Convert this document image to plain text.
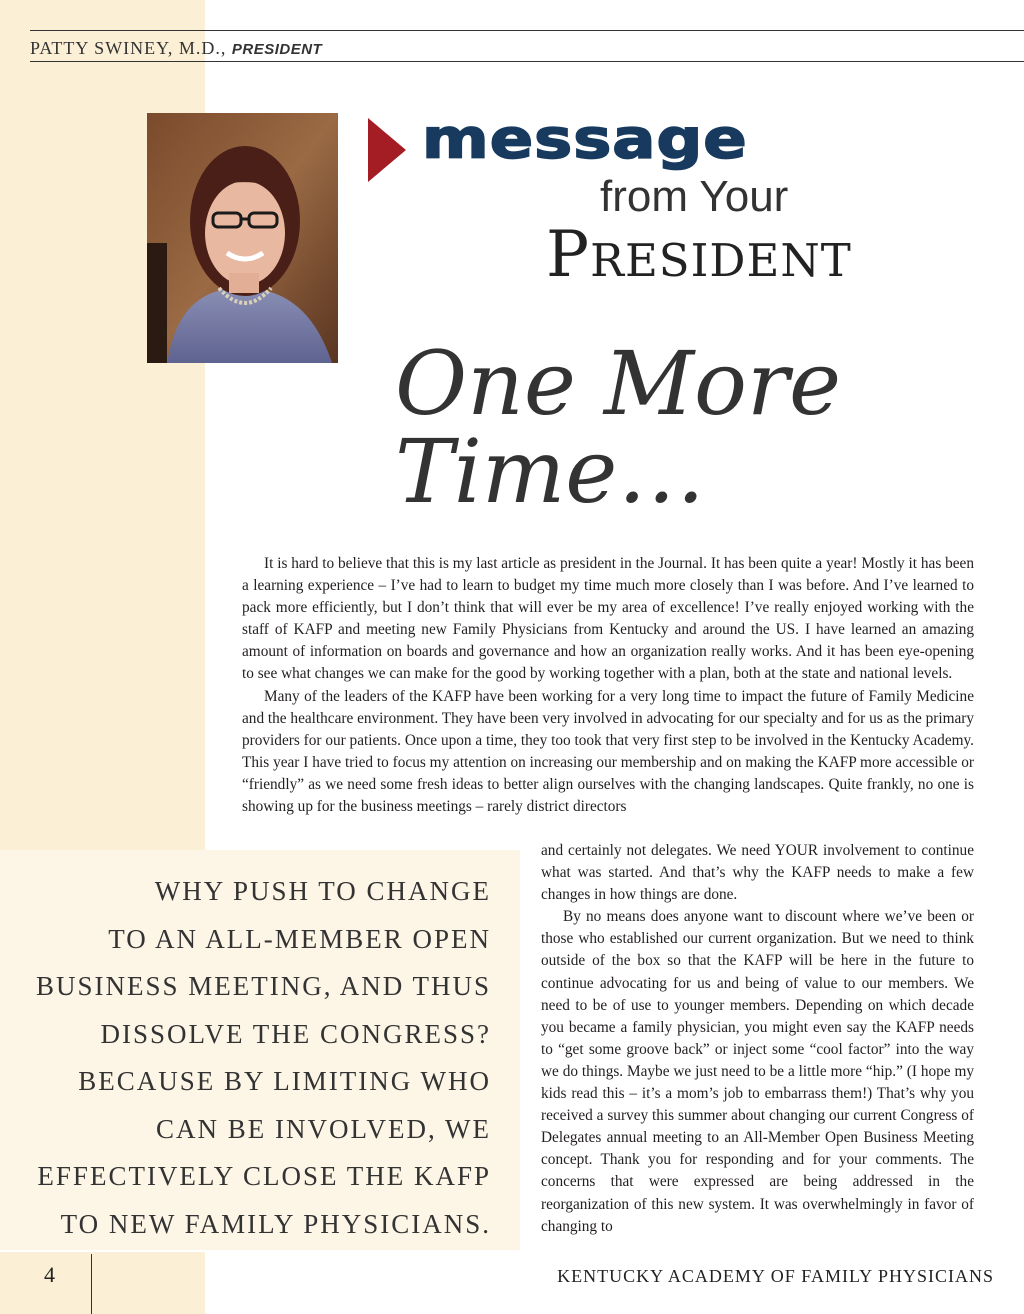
PATTY SWINEY, M.D., PRESIDENT
message
from Your
President
One More
Time…

It is hard to believe that this is my last article as president in the Journal. It has been quite a year! Mostly it has been a learning experience – I’ve had to learn to budget my time much more closely than I was before. And I’ve learned to pack more efficiently, but I don’t think that will ever be my area of excellence! I’ve really enjoyed working with the staff of KAFP and meeting new Family Physicians from Kentucky and around the US. I have learned an amazing amount of information on boards and governance and how an organization really works. And it has been eye-opening to see what changes we can make for the good by working together with a plan, both at the state and national levels.

Many of the leaders of the KAFP have been working for a very long time to impact the future of Family Medicine and the healthcare environment. They have been very involved in advocating for our specialty and for us as the primary providers for our patients. Once upon a time, they too took that very first step to be involved in the Kentucky Academy. This year I have tried to focus my attention on increasing our membership and on making the KAFP more accessible or “friendly” as we need some fresh ideas to better align ourselves with the changing landscapes. Quite frankly, no one is showing up for the business meetings – rarely district directors

WHY PUSH TO CHANGE
TO AN ALL-MEMBER OPEN
BUSINESS MEETING, AND THUS
DISSOLVE THE CONGRESS?
BECAUSE BY LIMITING WHO
CAN BE INVOLVED, WE
EFFECTIVELY CLOSE THE KAFP
TO NEW FAMILY PHYSICIANS.

and certainly not delegates. We need YOUR involvement to continue what was started. And that’s why the KAFP needs to make a few changes in how things are done.

By no means does anyone want to discount where we’ve been or those who established our current organization. But we need to think outside of the box so that the KAFP will be here in the future to continue advocating for us and being of value to our members. We need to be of use to younger members. Depending on which decade you became a family physician, you might even say the KAFP needs to “get some groove back” or inject some “cool factor” into the way we do things. Maybe we just need to be a little more “hip.” (I hope my kids read this – it’s a mom’s job to embarrass them!) That’s why you received a survey this summer about changing our current Congress of Delegates annual meeting to an All-Member Open Business Meeting concept. Thank you for responding and for your comments. The concerns that were expressed are being addressed in the reorganization of this new system. It was overwhelmingly in favor of changing to

4	KENTUCKY ACADEMY OF FAMILY PHYSICIANS
